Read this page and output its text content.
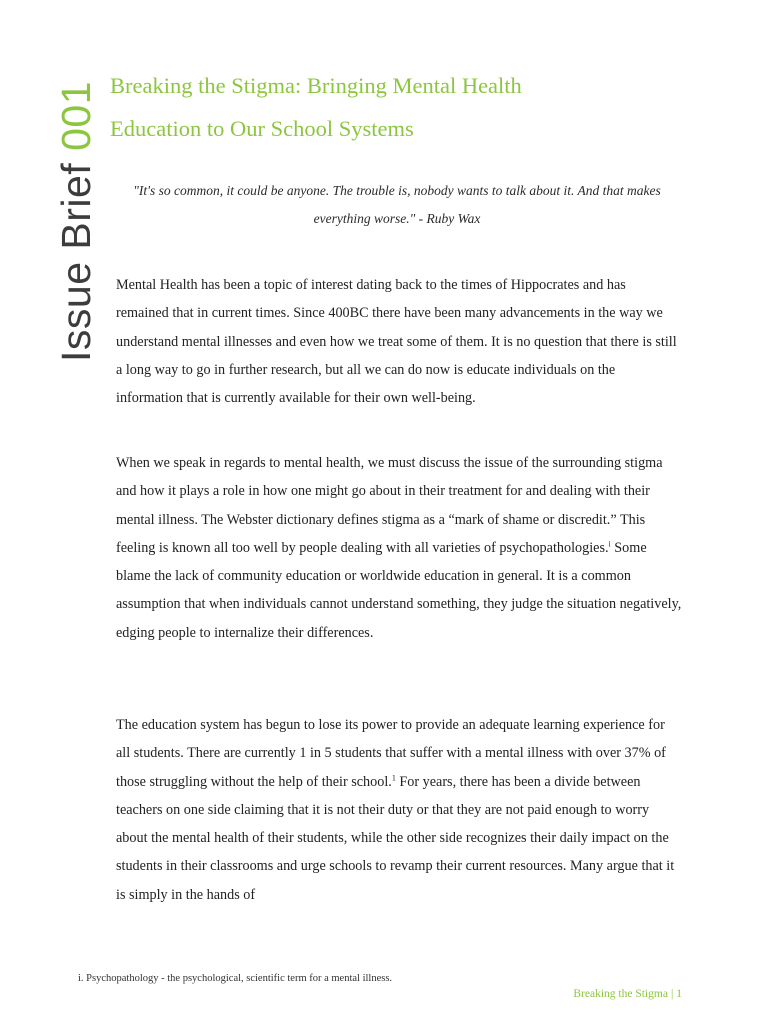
Issue Brief 001 Breaking the Stigma: Bringing Mental Health
Education to Our School Systems

"It's so common, it could be anyone. The trouble is, nobody wants to talk about it. And that makes everything worse." - Ruby Wax

Mental Health has been a topic of interest dating back to the times of Hippocrates and has remained that in current times. Since 400BC there have been many advancements in the way we understand mental illnesses and even how we treat some of them. It is no question that there is still a long way to go in further research, but all we can do now is educate individuals on the information that is currently available for their own well-being.

When we speak in regards to mental health, we must discuss the issue of the surrounding stigma and how it plays a role in how one might go about in their treatment for and dealing with their mental illness. The Webster dictionary defines stigma as a “mark of shame or discredit.” This feeling is known all too well by people dealing with all varieties of psychopathologies.$^i$ Some blame the lack of community education or worldwide education in general. It is a common assumption that when individuals cannot understand something, they judge the situation negatively, edging people to internalize their differences.

The education system has begun to lose its power to provide an adequate learning experience for all students. There are currently 1 in 5 students that suffer with a mental illness with over 37% of those struggling without the help of their school.$^1$ For years, there has been a divide between teachers on one side claiming that it is not their duty or that they are not paid enough to worry about the mental health of their students, while the other side recognizes their daily impact on the students in their classrooms and urge schools to revamp their current resources. Many argue that it is simply in the hands of

i. Psychopathology - the psychological, scientific term for a mental illness.

Breaking the Stigma | 1
